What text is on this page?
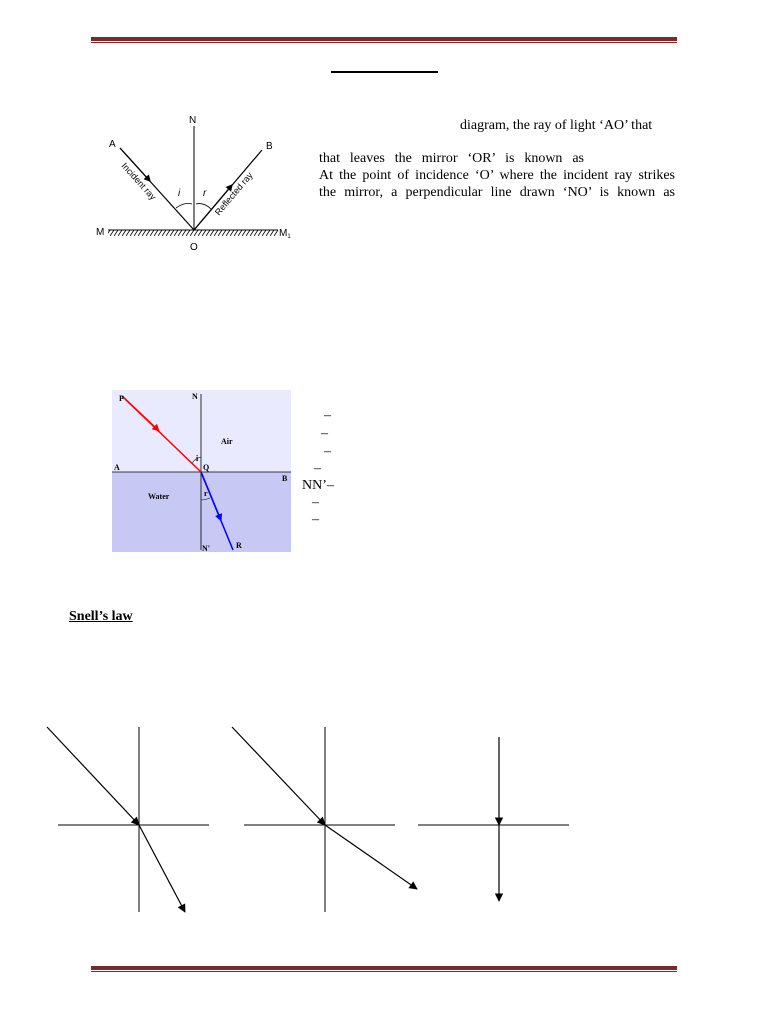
N
A	B
M	$M_1$
O
i r
Incident ray	Reflected ray
diagram, the ray of light ‘AO’ that
that leaves the mirror ‘OR’ is known as
At the point of incidence ‘O’ where the incident ray strikes
the mirror, a perpendicular line drawn ‘NO’ is known as
P	N
Air
i
A	Q
B
Water	r
N'	R
–
–
–
–
NN’–
–
–
Snell’s law
